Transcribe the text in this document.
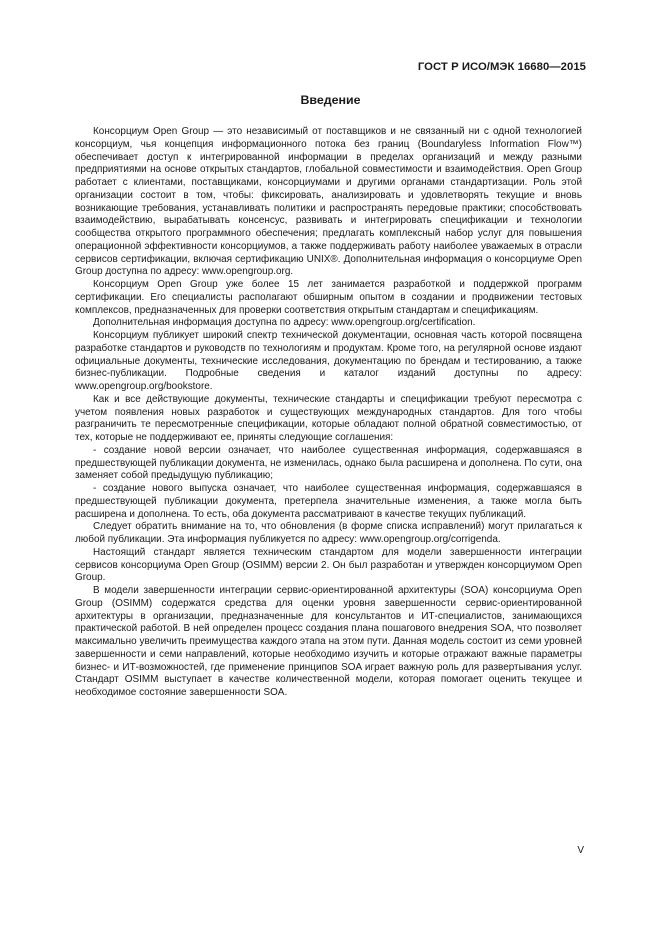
ГОСТ Р ИСО/МЭК 16680—2015
Введение

Консорциум Open Group — это независимый от поставщиков и не связанный ни с одной технологией консорциум, чья концепция информационного потока без границ (Boundaryless Information Flow™) обеспечивает доступ к интегрированной информации в пределах организаций и между разными предприятиями на основе открытых стандартов, глобальной совместимости и взаимодействия. Open Group работает с клиентами, поставщиками, консорциумами и другими органами стандартизации. Роль этой организации состоит в том, чтобы: фиксировать, анализировать и удовлетворять текущие и вновь возникающие требования, устанавливать политики и распространять передовые практики; способствовать взаимодействию, вырабатывать консенсус, развивать и интегрировать спецификации и технологии сообщества открытого программного обеспечения; предлагать комплексный набор услуг для повышения операционной эффективности консорциумов, а также поддерживать работу наиболее уважаемых в отрасли сервисов сертификации, включая сертификацию UNIX®. Дополнительная информация о консорциуме Open Group доступна по адресу: www.opengroup.org.

Консорциум Open Group уже более 15 лет занимается разработкой и поддержкой программ сертификации. Его специалисты располагают обширным опытом в создании и продвижении тестовых комплексов, предназначенных для проверки соответствия открытым стандартам и спецификациям.

Дополнительная информация доступна по адресу: www.opengroup.org/certification.

Консорциум публикует широкий спектр технической документации, основная часть которой посвящена разработке стандартов и руководств по технологиям и продуктам. Кроме того, на регулярной основе издают официальные документы, технические исследования, документацию по брендам и тестированию, а также бизнес-публикации. Подробные сведения и каталог изданий доступны по адресу: www.opengroup.org/bookstore.

Как и все действующие документы, технические стандарты и спецификации требуют пересмотра с учетом появления новых разработок и существующих международных стандартов. Для того чтобы разграничить те пересмотренные спецификации, которые обладают полной обратной совместимостью, от тех, которые не поддерживают ее, приняты следующие соглашения:

- создание новой версии означает, что наиболее существенная информация, содержавшаяся в предшествующей публикации документа, не изменилась, однако была расширена и дополнена. По сути, она заменяет собой предыдущую публикацию;

- создание нового выпуска означает, что наиболее существенная информация, содержавшаяся в предшествующей публикации документа, претерпела значительные изменения, а также могла быть расширена и дополнена. То есть, оба документа рассматривают в качестве текущих публикаций.

Следует обратить внимание на то, что обновления (в форме списка исправлений) могут прилагаться к любой публикации. Эта информация публикуется по адресу: www.opengroup.org/corrigenda.

Настоящий стандарт является техническим стандартом для модели завершенности интеграции сервисов консорциума Open Group (OSIMM) версии 2. Он был разработан и утвержден консорциумом Open Group.

В модели завершенности интеграции сервис-ориентированной архитектуры (SOA) консорциума Open Group (OSIMM) содержатся средства для оценки уровня завершенности сервис-ориентированной архитектуры в организации, предназначенные для консультантов и ИТ-специалистов, занимающихся практической работой. В ней определен процесс создания плана пошагового внедрения SOA, что позволяет максимально увеличить преимущества каждого этапа на этом пути. Данная модель состоит из семи уровней завершенности и семи направлений, которые необходимо изучить и которые отражают важные параметры бизнес- и ИТ-возможностей, где применение принципов SOA играет важную роль для развертывания услуг. Стандарт OSIMM выступает в качестве количественной модели, которая помогает оценить текущее и необходимое состояние завершенности SOA.

V
